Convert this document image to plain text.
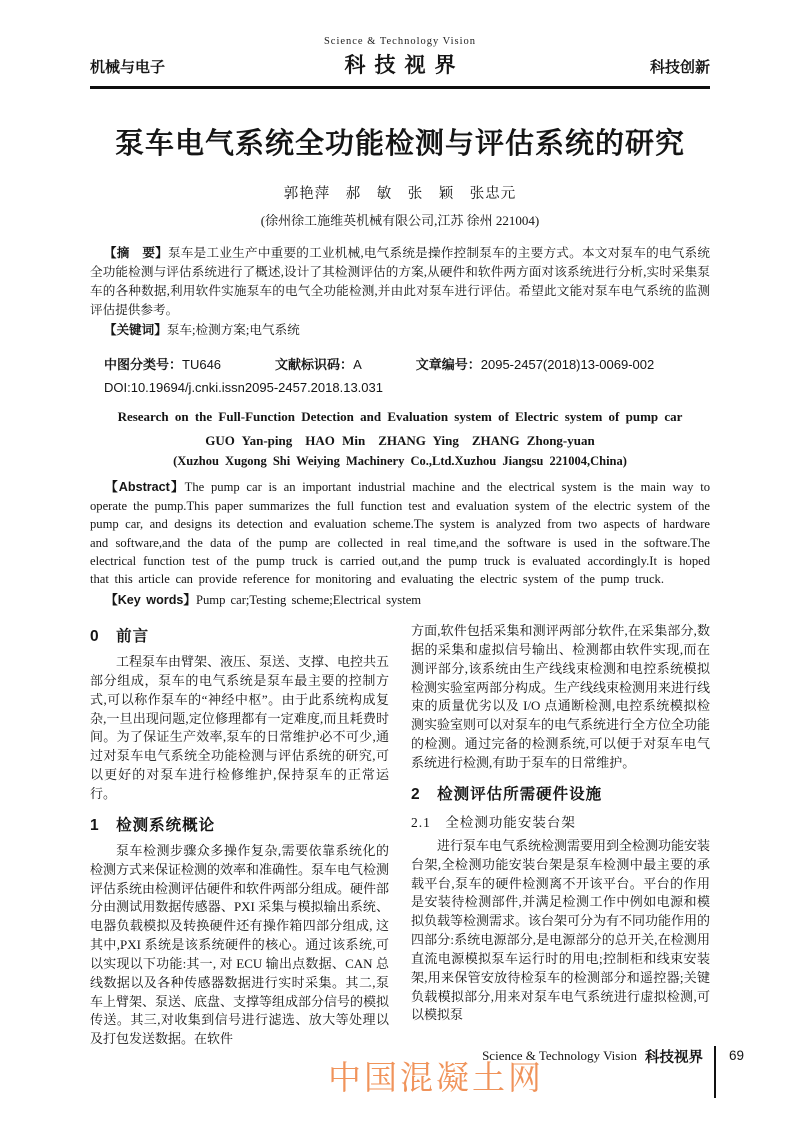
机械与电子
Science & Technology Vision
科技视界	科技创新
泵车电气系统全功能检测与评估系统的研究
郭艳萍　郝　敏　张　颖　张忠元
(徐州徐工施维英机械有限公司,江苏 徐州 221004)

【摘　要】泵车是工业生产中重要的工业机械,电气系统是操作控制泵车的主要方式。本文对泵车的电气系统全功能检测与评估系统进行了概述,设计了其检测评估的方案,从硬件和软件两方面对该系统进行分析,实时采集泵车的各种数据,利用软件实施泵车的电气全功能检测,并由此对泵车进行评估。希望此文能对泵车电气系统的监测评估提供参考。

【关键词】泵车;检测方案;电气系统

中图分类号：TU646	文献标识码：A	文章编号：2095-2457(2018)13-0069-002
DOI:10.19694/j.cnki.issn2095-2457.2018.13.031
Research on the Full-Function Detection and Evaluation system of Electric system of pump car
GUO Yan-ping　HAO Min　ZHANG Ying　ZHANG Zhong-yuan
(Xuzhou Xugong Shi Weiying Machinery Co.,Ltd.Xuzhou Jiangsu 221004,China)

【Abstract】The pump car is an important industrial machine and the electrical system is the main way to operate the pump.This paper summarizes the full function test and evaluation system of the electric system of the pump car, and designs its detection and evaluation scheme.The system is analyzed from two aspects of hardware and software,and the data of the pump are collected in real time,and the software is used in the software.The electrical function test of the pump truck is carried out,and the pump truck is evaluated accordingly.It is hoped that this article can provide reference for monitoring and evaluating the electric system of the pump truck.

【Key words】Pump car;Testing scheme;Electrical system

0　前言

工程泵车由臂架、液压、泵送、支撑、电控共五部分组成，泵车的电气系统是泵车最主要的控制方式,可以称作泵车的“神经中枢”。由于此系统构成复杂,一旦出现问题,定位修理都有一定难度,而且耗费时间。为了保证生产效率,泵车的日常维护必不可少,通过对泵车电气系统全功能检测与评估系统的研究,可以更好的对泵车进行检修维护,保持泵车的正常运行。

1　检测系统概论

泵车检测步骤众多操作复杂,需要依靠系统化的检测方式来保证检测的效率和准确性。泵车电气检测评估系统由检测评估硬件和软件两部分组成。硬件部分由测试用数据传感器、PXI 采集与模拟输出系统、电器负载模拟及转换硬件还有操作箱四部分组成, 这其中,PXI 系统是该系统硬件的核心。通过该系统,可以实现以下功能:其一, 对 ECU 输出点数据、CAN 总线数据以及各种传感器数据进行实时采集。其二,泵车上臂架、泵送、底盘、支撑等组成部分信号的模拟传送。其三,对收集到信号进行滤选、放大等处理以及打包发送数据。在软件

方面,软件包括采集和测评两部分软件,在采集部分,数据的采集和虚拟信号输出、检测都由软件实现,而在测评部分,该系统由生产线线束检测和电控系统模拟检测实验室两部分构成。生产线线束检测用来进行线束的质量优劣以及 I/O 点通断检测,电控系统模拟检测实验室则可以对泵车的电气系统进行全方位全功能的检测。通过完备的检测系统,可以便于对泵车电气系统进行检测,有助于泵车的日常维护。

2　检测评估所需硬件设施
2.1　全检测功能安装台架

进行泵车电气系统检测需要用到全检测功能安装台架,全检测功能安装台架是泵车检测中最主要的承载平台,泵车的硬件检测离不开该平台。平台的作用是安装待检测部件,并满足检测工作中例如电源和模拟负载等检测需求。该台架可分为有不同功能作用的四部分:系统电源部分,是电源部分的总开关,在检测用直流电源模拟泵车运行时的用电;控制柜和线束安装架,用来保管安放待检泵车的检测部分和遥控器;关键负载模拟部分,用来对泵车电气系统进行虚拟检测,可以模拟泵

Science & Technology Vision 科技视界 69
中国混凝土网
